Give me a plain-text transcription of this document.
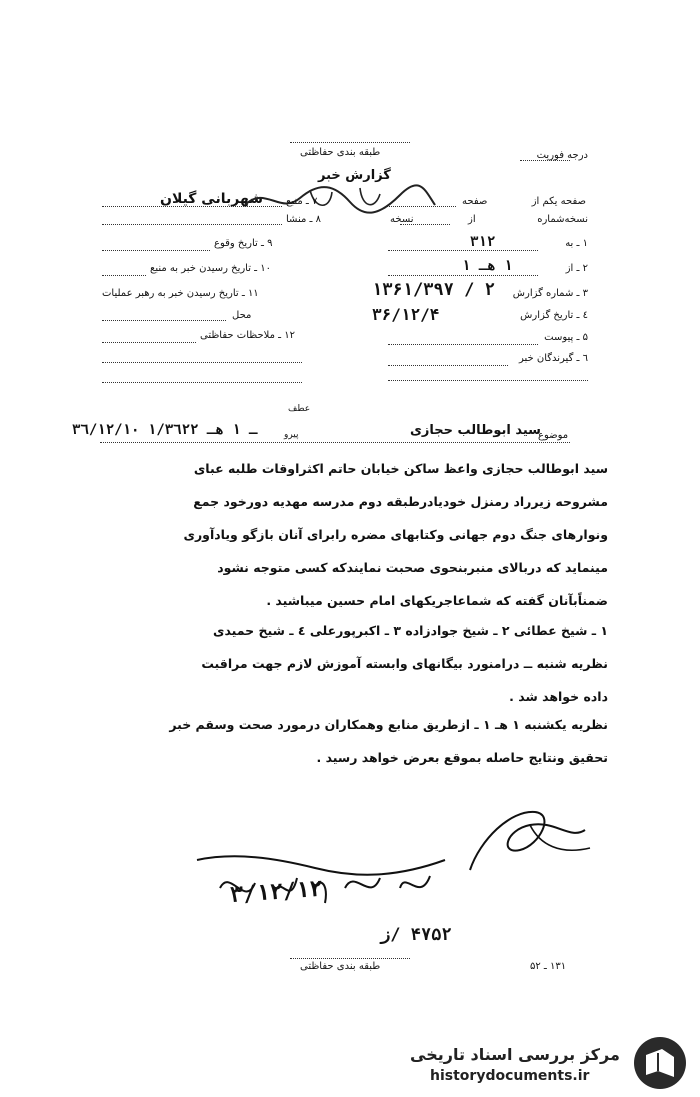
درجه فوریت
طبقه بندی حفاظتی
گزارش خبر
صفحه یکم از
صفحه
نسخه‌شماره
از
نسخه
شهربانی گیلان
۱ ـ به
۳۱۲
۲ ـ از
۱ هـ ۱
۳ ـ شماره گزارش
۱۳۶۱/۳۹۷ / ۲
٤ ـ تاریخ گزارش
۳۶/۱۲/۴
۵ ـ پیوست
٦ ـ گیرندگان خبر
۷ ـ منبع
۸ ـ منشا
۹ ـ تاریخ وقوع
۱۰ ـ تاریخ رسیدن خبر به منبع
۱۱ ـ تاریخ رسیدن خبر به رهبر عملیات
محل
۱۲ ـ ملاحظات حفاظتی
موضوع
سید ابوطالب حجازی
عطف
پیرو
۳٦/۱۲/۱۰ ـ ۱ هـ ۱/۳٦۲۲
سید ابوطالب حجازی واعظ ساکن خیابان حاتم اکثراوقات طلبه عبای
مشروحه زیرراد رمنزل خودیادرطبقه دوم مدرسه مهدیه دورخود جمع
ونوارهای جنگ دوم جهانی وکتابهای مضره رابرای آنان بازگو ویادآوری
مینماید که دربالای منبربنحوی صحبت نمایندکه کسی متوجه نشود
ضمناًبآنان گفته که شماعاجریکهای امام حسین میباشید .
۱ ـ شیخ عطائی ۲ ـ شیخ جوادزاده ۳ ـ اکبرپورعلی ٤ ـ شیخ حمیدی
نظریه شنبه ــ درامنورد بیگانهای وابسته آموزش لازم جهت مراقبت
داده خواهد شد .
نظریه یکشنبه ۱ هـ ۱ ـ ازطریق منابع وهمکاران درمورد صحت وسقم خبر
تحقیق ونتایج حاصله بموقع بعرض خواهد رسید .
۳/۱۲/۱۲
۴۷۵۲ /ز
طبقه بندی حفاظتی	۱۳۱ ـ ۵۲
مرکز بررسی اسناد تاریخی
historydocuments.ir
